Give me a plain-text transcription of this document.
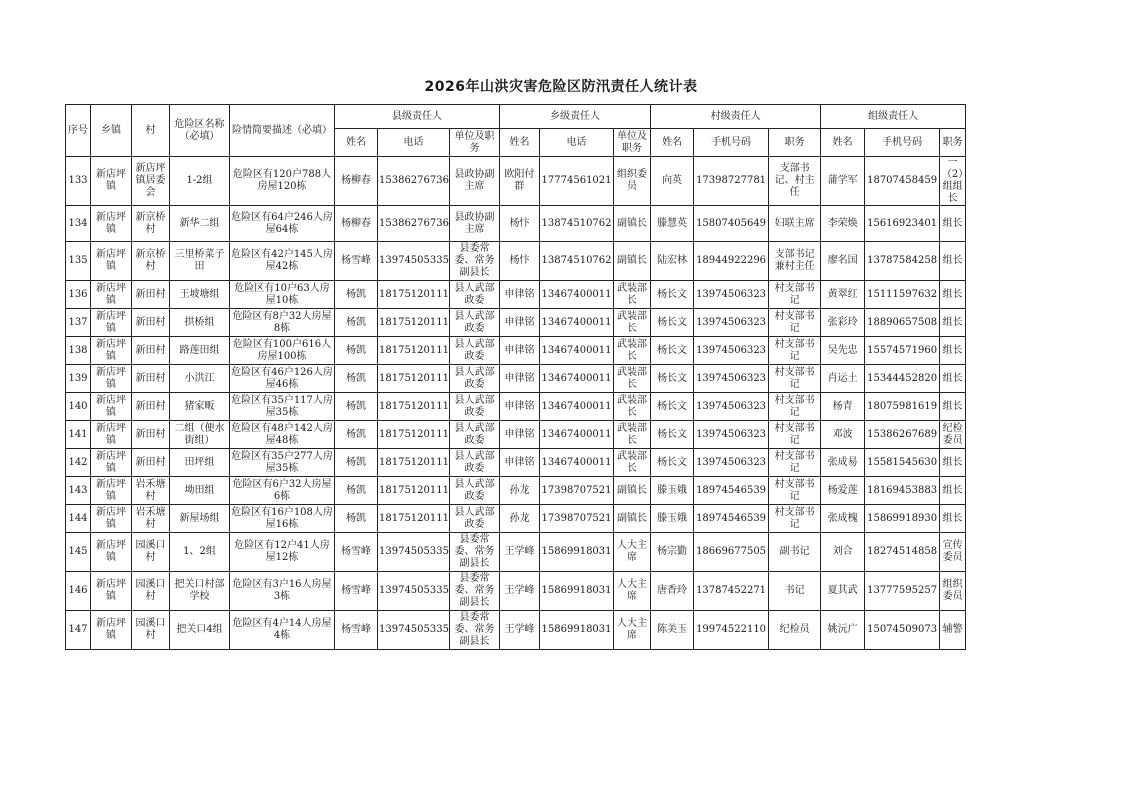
2026年山洪灾害危险区防汛责任人统计表
序号	乡镇	村	危险区名称（必填）	险情简要描述（必填）	县级责任人			乡级责任人			村级责任人			组级责任人		
					姓名	电话	单位及职务	姓名	电话	单位及职务	姓名	手机号码	职务	姓名	手机号码	职务
133	新店坪镇	新店坪镇居委会	1-2组	危险区有120户788人房屋120栋	杨柳春	15386276736	县政协副主席	欧阳付群	17774561021	组织委员	向英	17398727781	支部书记、村主任	蒲学军	18707458459	一（2）组组长
134	新店坪镇	新京桥村	新华二组	危险区有64户246人房屋64栋	杨柳春	15386276736	县政协副主席	杨忭	13874510762	副镇长	滕慧英	15807405649	妇联主席	李荣焕	15616923401	组长
135	新店坪镇	新京桥村	三里桥菜子田	危险区有42户145人房屋42栋	杨雪峰	13974505335	县委常委、常务副县长	杨忭	13874510762	副镇长	陆宏林	18944922296	支部书记兼村主任	廖名国	13787584258	组长
136	新店坪镇	新田村	王坡塘组	危险区有10户63人房屋10栋	杨凯	18175120111	县人武部政委	申律铭	13467400011	武装部长	杨长文	13974506323	村支部书记	黄翠红	15111597632	组长
137	新店坪镇	新田村	拱桥组	危险区有8户32人房屋8栋	杨凯	18175120111	县人武部政委	申律铭	13467400011	武装部长	杨长文	13974506323	村支部书记	张彩玲	18890657508	组长
138	新店坪镇	新田村	路莲田组	危险区有100户616人房屋100栋	杨凯	18175120111	县人武部政委	申律铭	13467400011	武装部长	杨长文	13974506323	村支部书记	吴先忠	15574571960	组长
139	新店坪镇	新田村	小洪江	危险区有46户126人房屋46栋	杨凯	18175120111	县人武部政委	申律铭	13467400011	武装部长	杨长文	13974506323	村支部书记	肖运土	15344452820	组长
140	新店坪镇	新田村	猪家畈	危险区有35户117人房屋35栋	杨凯	18175120111	县人武部政委	申律铭	13467400011	武装部长	杨长文	13974506323	村支部书记	杨青	18075981619	组长
141	新店坪镇	新田村	二组（便水街组）	危险区有48户142人房屋48栋	杨凯	18175120111	县人武部政委	申律铭	13467400011	武装部长	杨长文	13974506323	村支部书记	邓波	15386267689	纪检委员
142	新店坪镇	新田村	田坪组	危险区有35户277人房屋35栋	杨凯	18175120111	县人武部政委	申律铭	13467400011	武装部长	杨长文	13974506323	村支部书记	张成易	15581545630	组长
143	新店坪镇	岩禾塘村	坳田组	危险区有6户32人房屋6栋	杨凯	18175120111	县人武部政委	孙龙	17398707521	副镇长	滕玉娥	18974546539	村支部书记	杨爱莲	18169453883	组长
144	新店坪镇	岩禾塘村	新屋场组	危险区有16户108人房屋16栋	杨凯	18175120111	县人武部政委	孙龙	17398707521	副镇长	滕玉娥	18974546539	村支部书记	张成槐	15869918930	组长
145	新店坪镇	园溪口村	1、2组	危险区有12户41人房屋12栋	杨雪峰	13974505335	县委常委、常务副县长	王学峰	15869918031	人大主席	杨宗勤	18669677505	副书记	刘合	18274514858	宣传委员
146	新店坪镇	园溪口村	把关口村部学校	危险区有3户16人房屋3栋	杨雪峰	13974505335	县委常委、常务副县长	王学峰	15869918031	人大主席	唐香玲	13787452271	书记	夏其武	13777595257	组织委员
147	新店坪镇	园溪口村	把关口4组	危险区有4户14人房屋4栋	杨雪峰	13974505335	县委常委、常务副县长	王学峰	15869918031	人大主席	陈美玉	19974522110	纪检员	姚沅广	15074509073	辅警
